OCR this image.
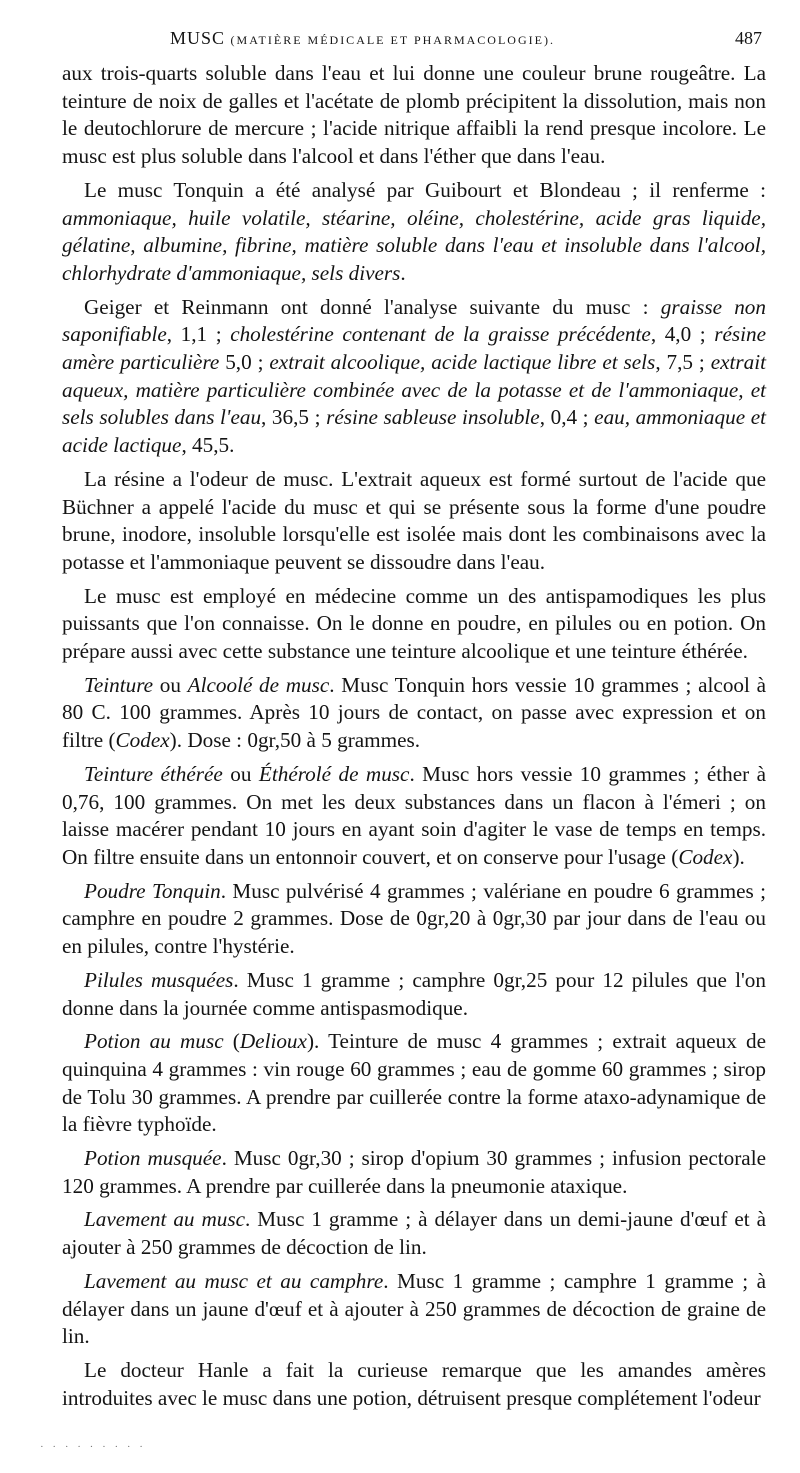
MUSC (MATIÈRE MÉDICALE ET PHARMACOLOGIE).	487

aux trois-quarts soluble dans l'eau et lui donne une couleur brune rougeâtre. La teinture de noix de galles et l'acétate de plomb précipitent la dissolution, mais non le deutochlorure de mercure ; l'acide nitrique affaibli la rend presque incolore. Le musc est plus soluble dans l'alcool et dans l'éther que dans l'eau.

Le musc Tonquin a été analysé par Guibourt et Blondeau ; il renferme : ammoniaque, huile volatile, stéarine, oléine, cholestérine, acide gras liquide, gélatine, albumine, fibrine, matière soluble dans l'eau et insoluble dans l'alcool, chlorhydrate d'ammoniaque, sels divers.

Geiger et Reinmann ont donné l'analyse suivante du musc : graisse non saponifiable, 1,1 ; cholestérine contenant de la graisse précédente, 4,0 ; résine amère particulière 5,0 ; extrait alcoolique, acide lactique libre et sels, 7,5 ; extrait aqueux, matière particulière combinée avec de la potasse et de l'ammoniaque, et sels solubles dans l'eau, 36,5 ; résine sableuse insoluble, 0,4 ; eau, ammoniaque et acide lactique, 45,5.

La résine a l'odeur de musc. L'extrait aqueux est formé surtout de l'acide que Büchner a appelé l'acide du musc et qui se présente sous la forme d'une poudre brune, inodore, insoluble lorsqu'elle est isolée mais dont les combinaisons avec la potasse et l'ammoniaque peuvent se dissoudre dans l'eau.

Le musc est employé en médecine comme un des antispamodiques les plus puissants que l'on connaisse. On le donne en poudre, en pilules ou en potion. On prépare aussi avec cette substance une teinture alcoolique et une teinture éthérée.

Teinture ou Alcoolé de musc. Musc Tonquin hors vessie 10 grammes ; alcool à 80 C. 100 grammes. Après 10 jours de contact, on passe avec expression et on filtre (Codex). Dose : 0gr,50 à 5 grammes.

Teinture éthérée ou Éthérolé de musc. Musc hors vessie 10 grammes ; éther à 0,76, 100 grammes. On met les deux substances dans un flacon à l'émeri ; on laisse macérer pendant 10 jours en ayant soin d'agiter le vase de temps en temps. On filtre ensuite dans un entonnoir couvert, et on conserve pour l'usage (Codex).

Poudre Tonquin. Musc pulvérisé 4 grammes ; valériane en poudre 6 grammes ; camphre en poudre 2 grammes. Dose de 0gr,20 à 0gr,30 par jour dans de l'eau ou en pilules, contre l'hystérie.

Pilules musquées. Musc 1 gramme ; camphre 0gr,25 pour 12 pilules que l'on donne dans la journée comme antispasmodique.

Potion au musc (Delioux). Teinture de musc 4 grammes ; extrait aqueux de quinquina 4 grammes : vin rouge 60 grammes ; eau de gomme 60 grammes ; sirop de Tolu 30 grammes. A prendre par cuillerée contre la forme ataxo-adynamique de la fièvre typhoïde.

Potion musquée. Musc 0gr,30 ; sirop d'opium 30 grammes ; infusion pectorale 120 grammes. A prendre par cuillerée dans la pneumonie ataxique.

Lavement au musc. Musc 1 gramme ; à délayer dans un demi-jaune d'œuf et à ajouter à 250 grammes de décoction de lin.

Lavement au musc et au camphre. Musc 1 gramme ; camphre 1 gramme ; à délayer dans un jaune d'œuf et à ajouter à 250 grammes de décoction de graine de lin.

Le docteur Hanle a fait la curieuse remarque que les amandes amères introduites avec le musc dans une potion, détruisent presque complétement l'odeur

· · · · · · · · ·
